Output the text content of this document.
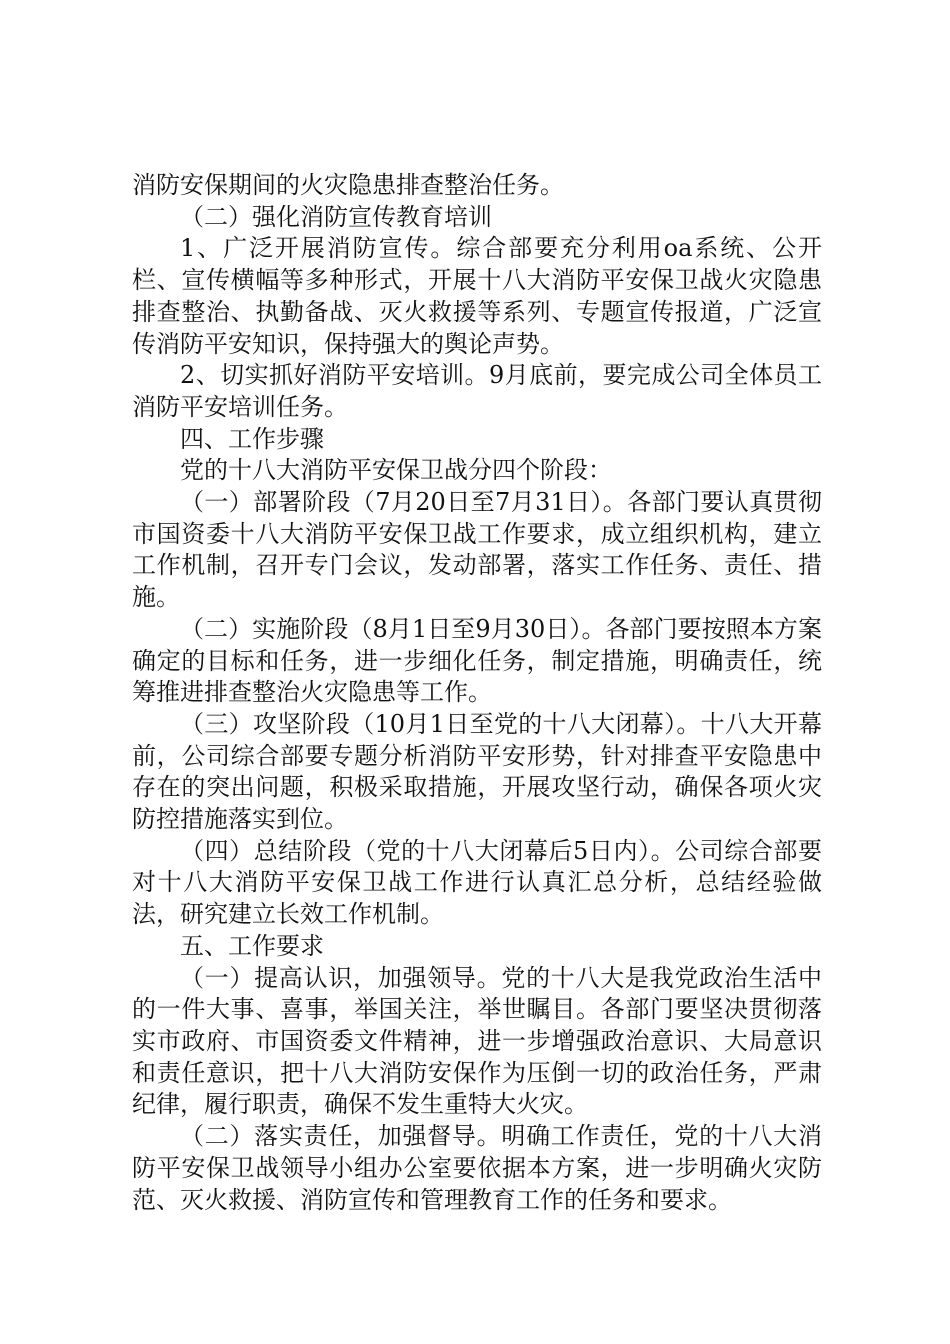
消防安保期间的火灾隐患排查整治任务。

（二）强化消防宣传教育培训

1、广泛开展消防宣传。综合部要充分利用oa系统、公开栏、宣传横幅等多种形式，开展十八大消防平安保卫战火灾隐患排查整治、执勤备战、灭火救援等系列、专题宣传报道，广泛宣传消防平安知识，保持强大的舆论声势。

2、切实抓好消防平安培训。9月底前，要完成公司全体员工消防平安培训任务。

四、工作步骤

党的十八大消防平安保卫战分四个阶段：

（一）部署阶段（7月20日至7月31日）。各部门要认真贯彻市国资委十八大消防平安保卫战工作要求，成立组织机构，建立工作机制，召开专门会议，发动部署，落实工作任务、责任、措施。

（二）实施阶段（8月1日至9月30日）。各部门要按照本方案确定的目标和任务，进一步细化任务，制定措施，明确责任，统筹推进排查整治火灾隐患等工作。

（三）攻坚阶段（10月1日至党的十八大闭幕）。十八大开幕前，公司综合部要专题分析消防平安形势，针对排查平安隐患中存在的突出问题，积极采取措施，开展攻坚行动，确保各项火灾防控措施落实到位。

（四）总结阶段（党的十八大闭幕后5日内）。公司综合部要对十八大消防平安保卫战工作进行认真汇总分析，总结经验做法，研究建立长效工作机制。

五、工作要求

（一）提高认识，加强领导。党的十八大是我党政治生活中的一件大事、喜事，举国关注，举世瞩目。各部门要坚决贯彻落实市政府、市国资委文件精神，进一步增强政治意识、大局意识和责任意识，把十八大消防安保作为压倒一切的政治任务，严肃纪律，履行职责，确保不发生重特大火灾。

（二）落实责任，加强督导。明确工作责任，党的十八大消防平安保卫战领导小组办公室要依据本方案，进一步明确火灾防范、灭火救援、消防宣传和管理教育工作的任务和要求。
